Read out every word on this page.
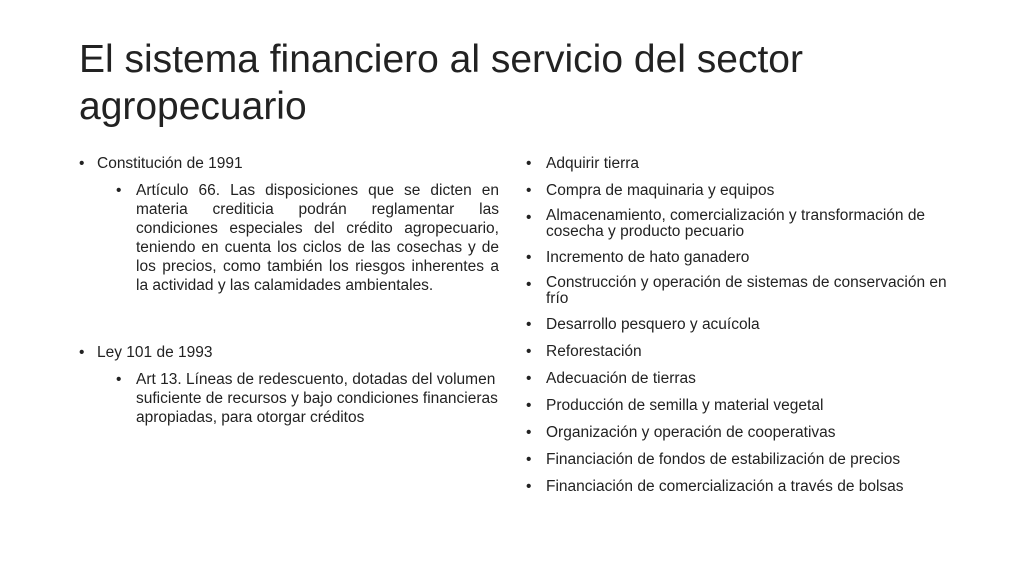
El sistema financiero al servicio del sector agropecuario
• Constitución de 1991
• Artículo 66. Las disposiciones que se dicten en materia crediticia podrán reglamentar las condiciones especiales del crédito agropecuario, teniendo en cuenta los ciclos de las cosechas y de los precios, como también los riesgos inherentes a la actividad y las calamidades ambientales.
• Ley 101 de 1993
• Art 13. Líneas de redescuento, dotadas del volumen suficiente de recursos y bajo condiciones financieras apropiadas, para otorgar créditos
• Adquirir tierra
• Compra de maquinaria y equipos
• Almacenamiento, comercialización y transformación de cosecha y producto pecuario
• Incremento de hato ganadero
• Construcción y operación de sistemas de conservación en frío
• Desarrollo pesquero y acuícola
• Reforestación
• Adecuación de tierras
• Producción de semilla y material vegetal
• Organización y operación de cooperativas
• Financiación de fondos de estabilización de precios
• Financiación de comercialización a través de bolsas
